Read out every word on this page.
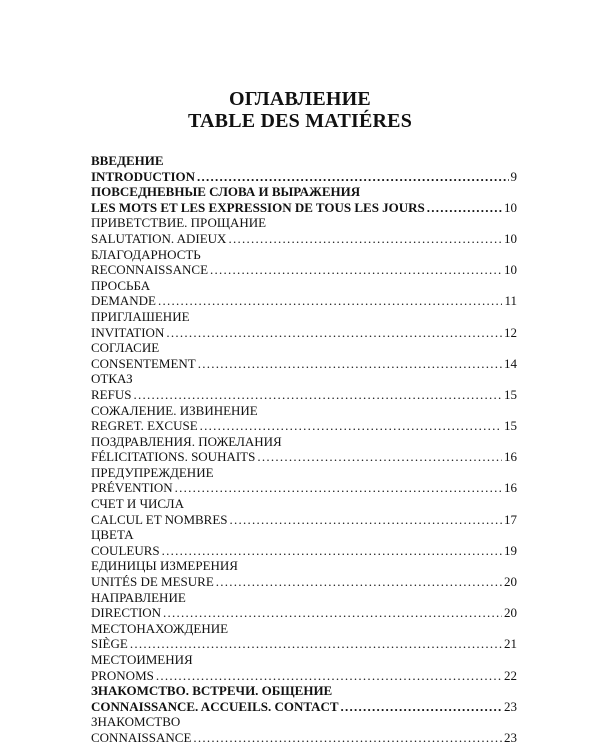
ОГЛАВЛЕНИЕ
TABLE DES MATIÉRES
ВВЕДЕНИЕ
INTRODUCTION . . .	9
ПОВСЕДНЕВНЫЕ СЛОВА И ВЫРАЖЕНИЯ
LES MOTS ET LES EXPRESSION DE TOUS LES JOURS . . .	10
ПРИВЕТСТВИЕ. ПРОЩАНИЕ
SALUTATION. ADIEUX . . .	10
БЛАГОДАРНОСТЬ
RECONNAISSANCE . . .	10
ПРОСЬБА
DEMANDE . . .	11
ПРИГЛАШЕНИЕ
INVITATION . . .	12
СОГЛАСИЕ
CONSENTEMENT . . .	14
ОТКАЗ
REFUS . . .	15
СОЖАЛЕНИЕ. ИЗВИНЕНИЕ
REGRET. EXCUSE . . .	15
ПОЗДРАВЛЕНИЯ. ПОЖЕЛАНИЯ
FÉLICITATIONS. SOUHAITS . . .	16
ПРЕДУПРЕЖДЕНИЕ
PRÉVENTION . . .	16
СЧЕТ И ЧИСЛА
CALCUL ET NOMBRES . . .	17
ЦВЕТА
COULEURS . . .	19
ЕДИНИЦЫ ИЗМЕРЕНИЯ
UNITÉS DE MESURE . . .	20
НАПРАВЛЕНИЕ
DIRECTION . . .	20
МЕСТОНАХОЖДЕНИЕ
SIÈGE . . .	21
МЕСТОИМЕНИЯ
PRONOMS . . .	22
ЗНАКОМСТВО. ВСТРЕЧИ. ОБЩЕНИЕ
CONNAISSANCE. ACCUEILS. CONTACT . . .	23
ЗНАКОМСТВО
CONNAISSANCE . . .	23
